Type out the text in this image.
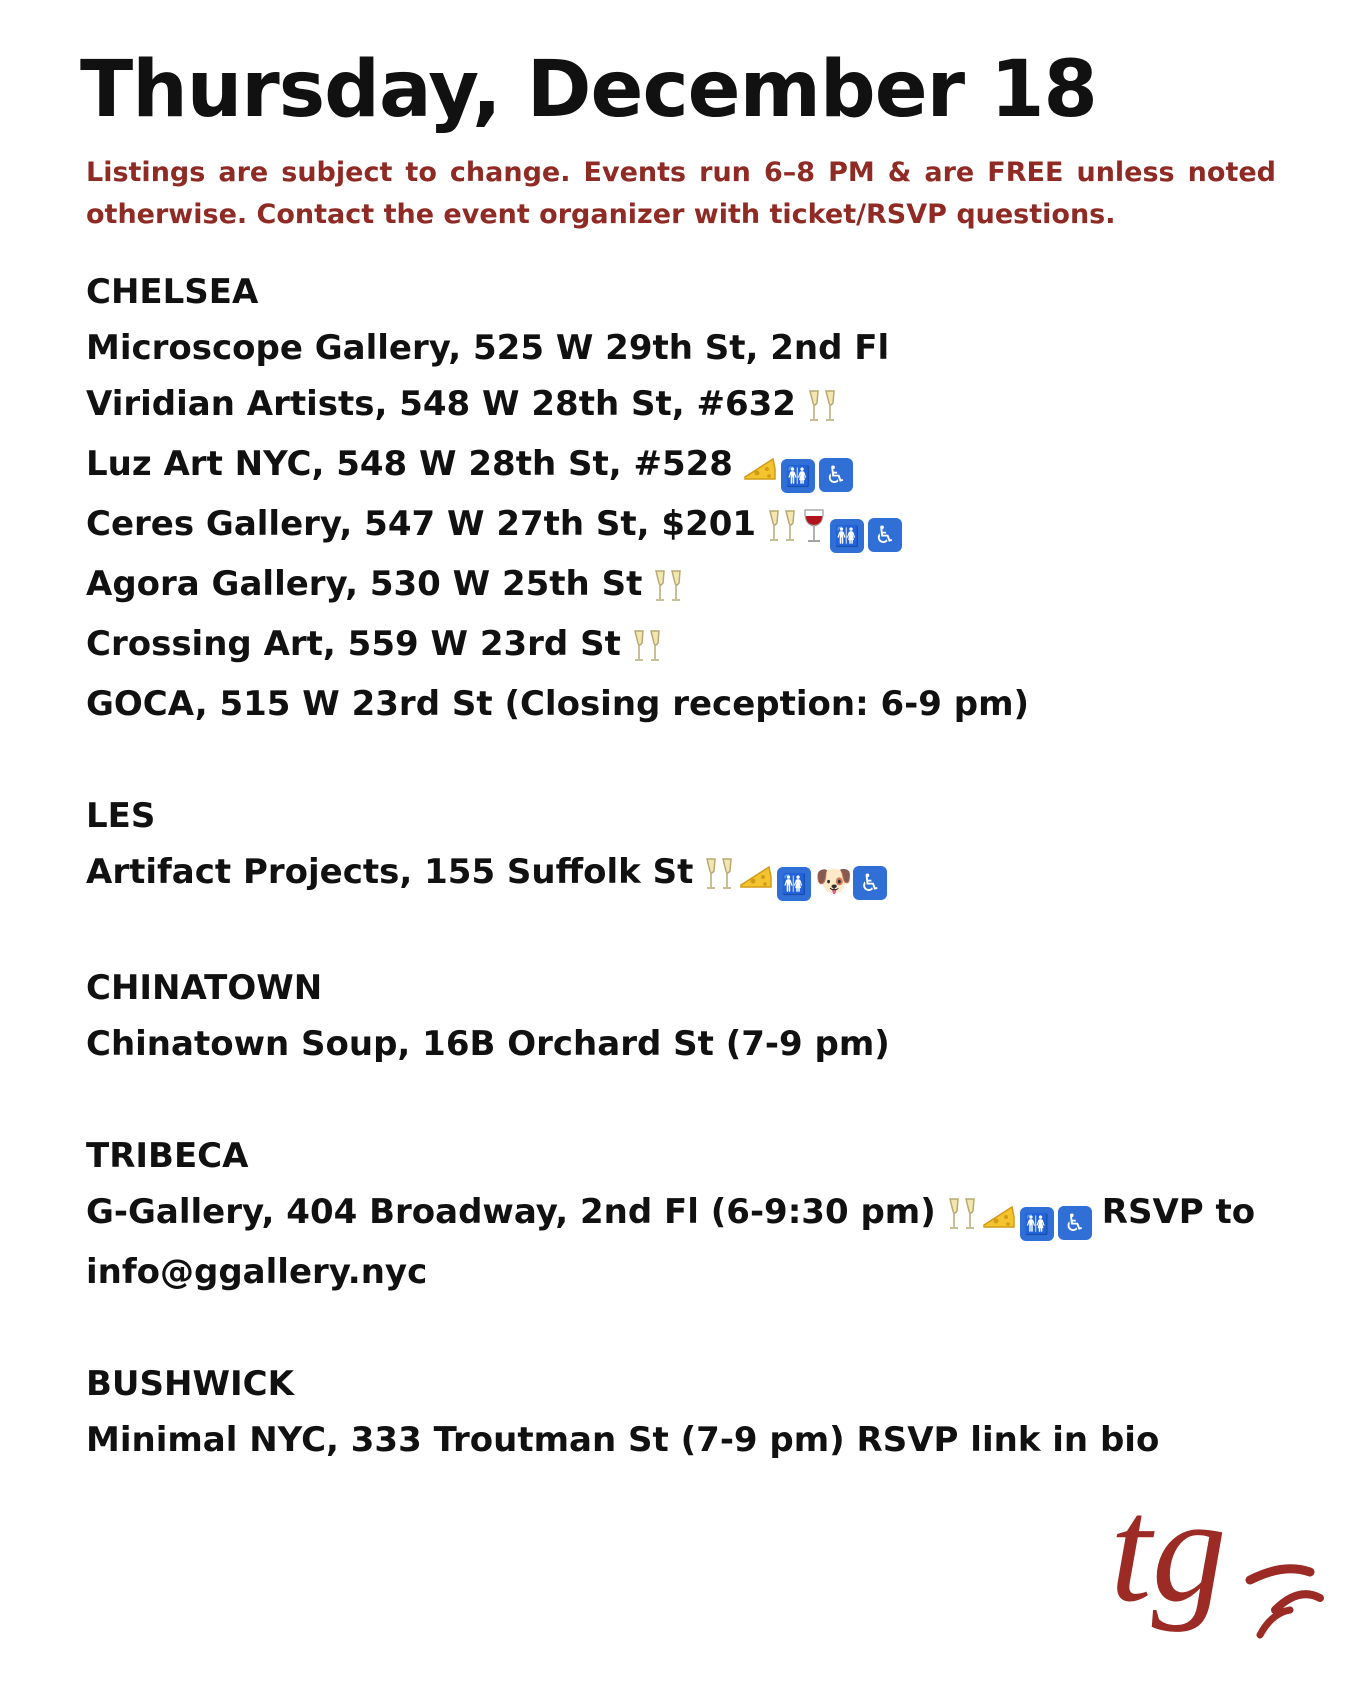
Thursday, December 18
Listings are subject to change. Events run 6–8 PM & are FREE unless noted otherwise. Contact the event organizer with ticket/RSVP questions.
CHELSEA
Microscope Gallery, 525 W 29th St, 2nd Fl
Viridian Artists, 548 W 28th St, #632
Luz Art NYC, 548 W 28th St, #528	🚻 ♿
Ceres Gallery, 547 W 27th St, $201	🚻 ♿
Agora Gallery, 530 W 25th St
Crossing Art, 559 W 23rd St
GOCA, 515 W 23rd St (Closing reception: 6-9 pm)
LES
Artifact Projects, 155 Suffolk St	🚻 🐶 ♿
CHINATOWN
Chinatown Soup, 16B Orchard St (7-9 pm)
TRIBECA
G-Gallery, 404 Broadway, 2nd Fl (6-9:30 pm)	🚻 ♿ RSVP to info@ggallery.nyc
BUSHWICK
Minimal NYC, 333 Troutman St (7-9 pm) RSVP link in bio
tg
